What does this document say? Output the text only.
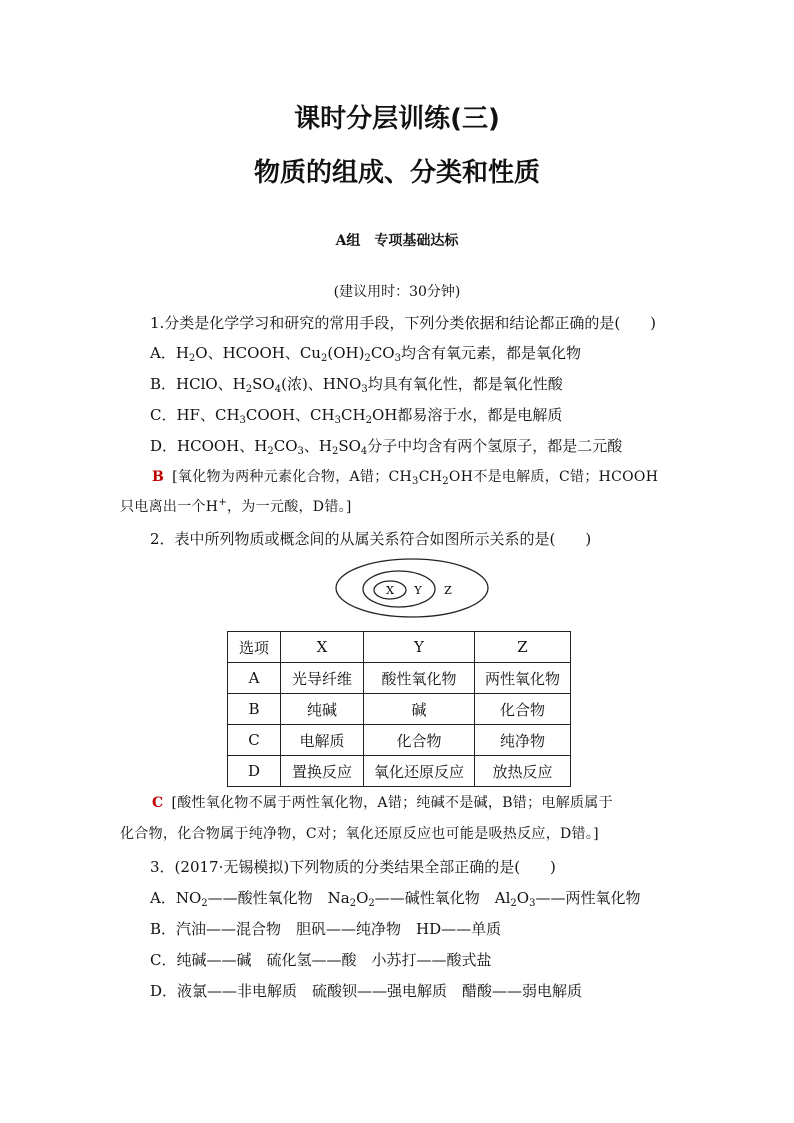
课时分层训练(三)
物质的组成、分类和性质
A组　专项基础达标
(建议用时：30分钟)
1.分类是化学学习和研究的常用手段，下列分类依据和结论都正确的是(　　)
A．$H_2O$、HCOOH、$Cu_2(OH)_2CO_3$均含有氧元素，都是氧化物
B．HClO、$H_2SO_4$(浓)、$HNO_3$均具有氧化性，都是氧化性酸
C．HF、$CH_3COOH$、$CH_3CH_2OH$都易溶于水，都是电解质
D．HCOOH、$H_2CO_3$、$H_2SO_4$分子中均含有两个氢原子，都是二元酸
B [氧化物为两种元素化合物，A错；$CH_3CH_2OH$不是电解质，C错；HCOOH
只电离出一个H+，为一元酸，D错。]
2．表中所列物质或概念间的从属关系符合如图所示关系的是(　　)
X Y Z
选项	X	Y	Z
A	光导纤维	酸性氧化物	两性氧化物
B	纯碱	碱	化合物
C	电解质	化合物	纯净物
D	置换反应	氧化还原反应	放热反应
C [酸性氧化物不属于两性氧化物，A错；纯碱不是碱，B错；电解质属于
化合物，化合物属于纯净物，C对；氧化还原反应也可能是吸热反应，D错。]
3．(2017·无锡模拟)下列物质的分类结果全部正确的是(　　)
A．$NO_2——$酸性氧化物　$Na_2O_2——$碱性氧化物　$Al_2O_3——$两性氧化物
B．汽油——混合物　胆矾——纯净物　HD——单质
C．纯碱——碱　硫化氢——酸　小苏打——酸式盐
D．液氯——非电解质　硫酸钡——强电解质　醋酸——弱电解质
